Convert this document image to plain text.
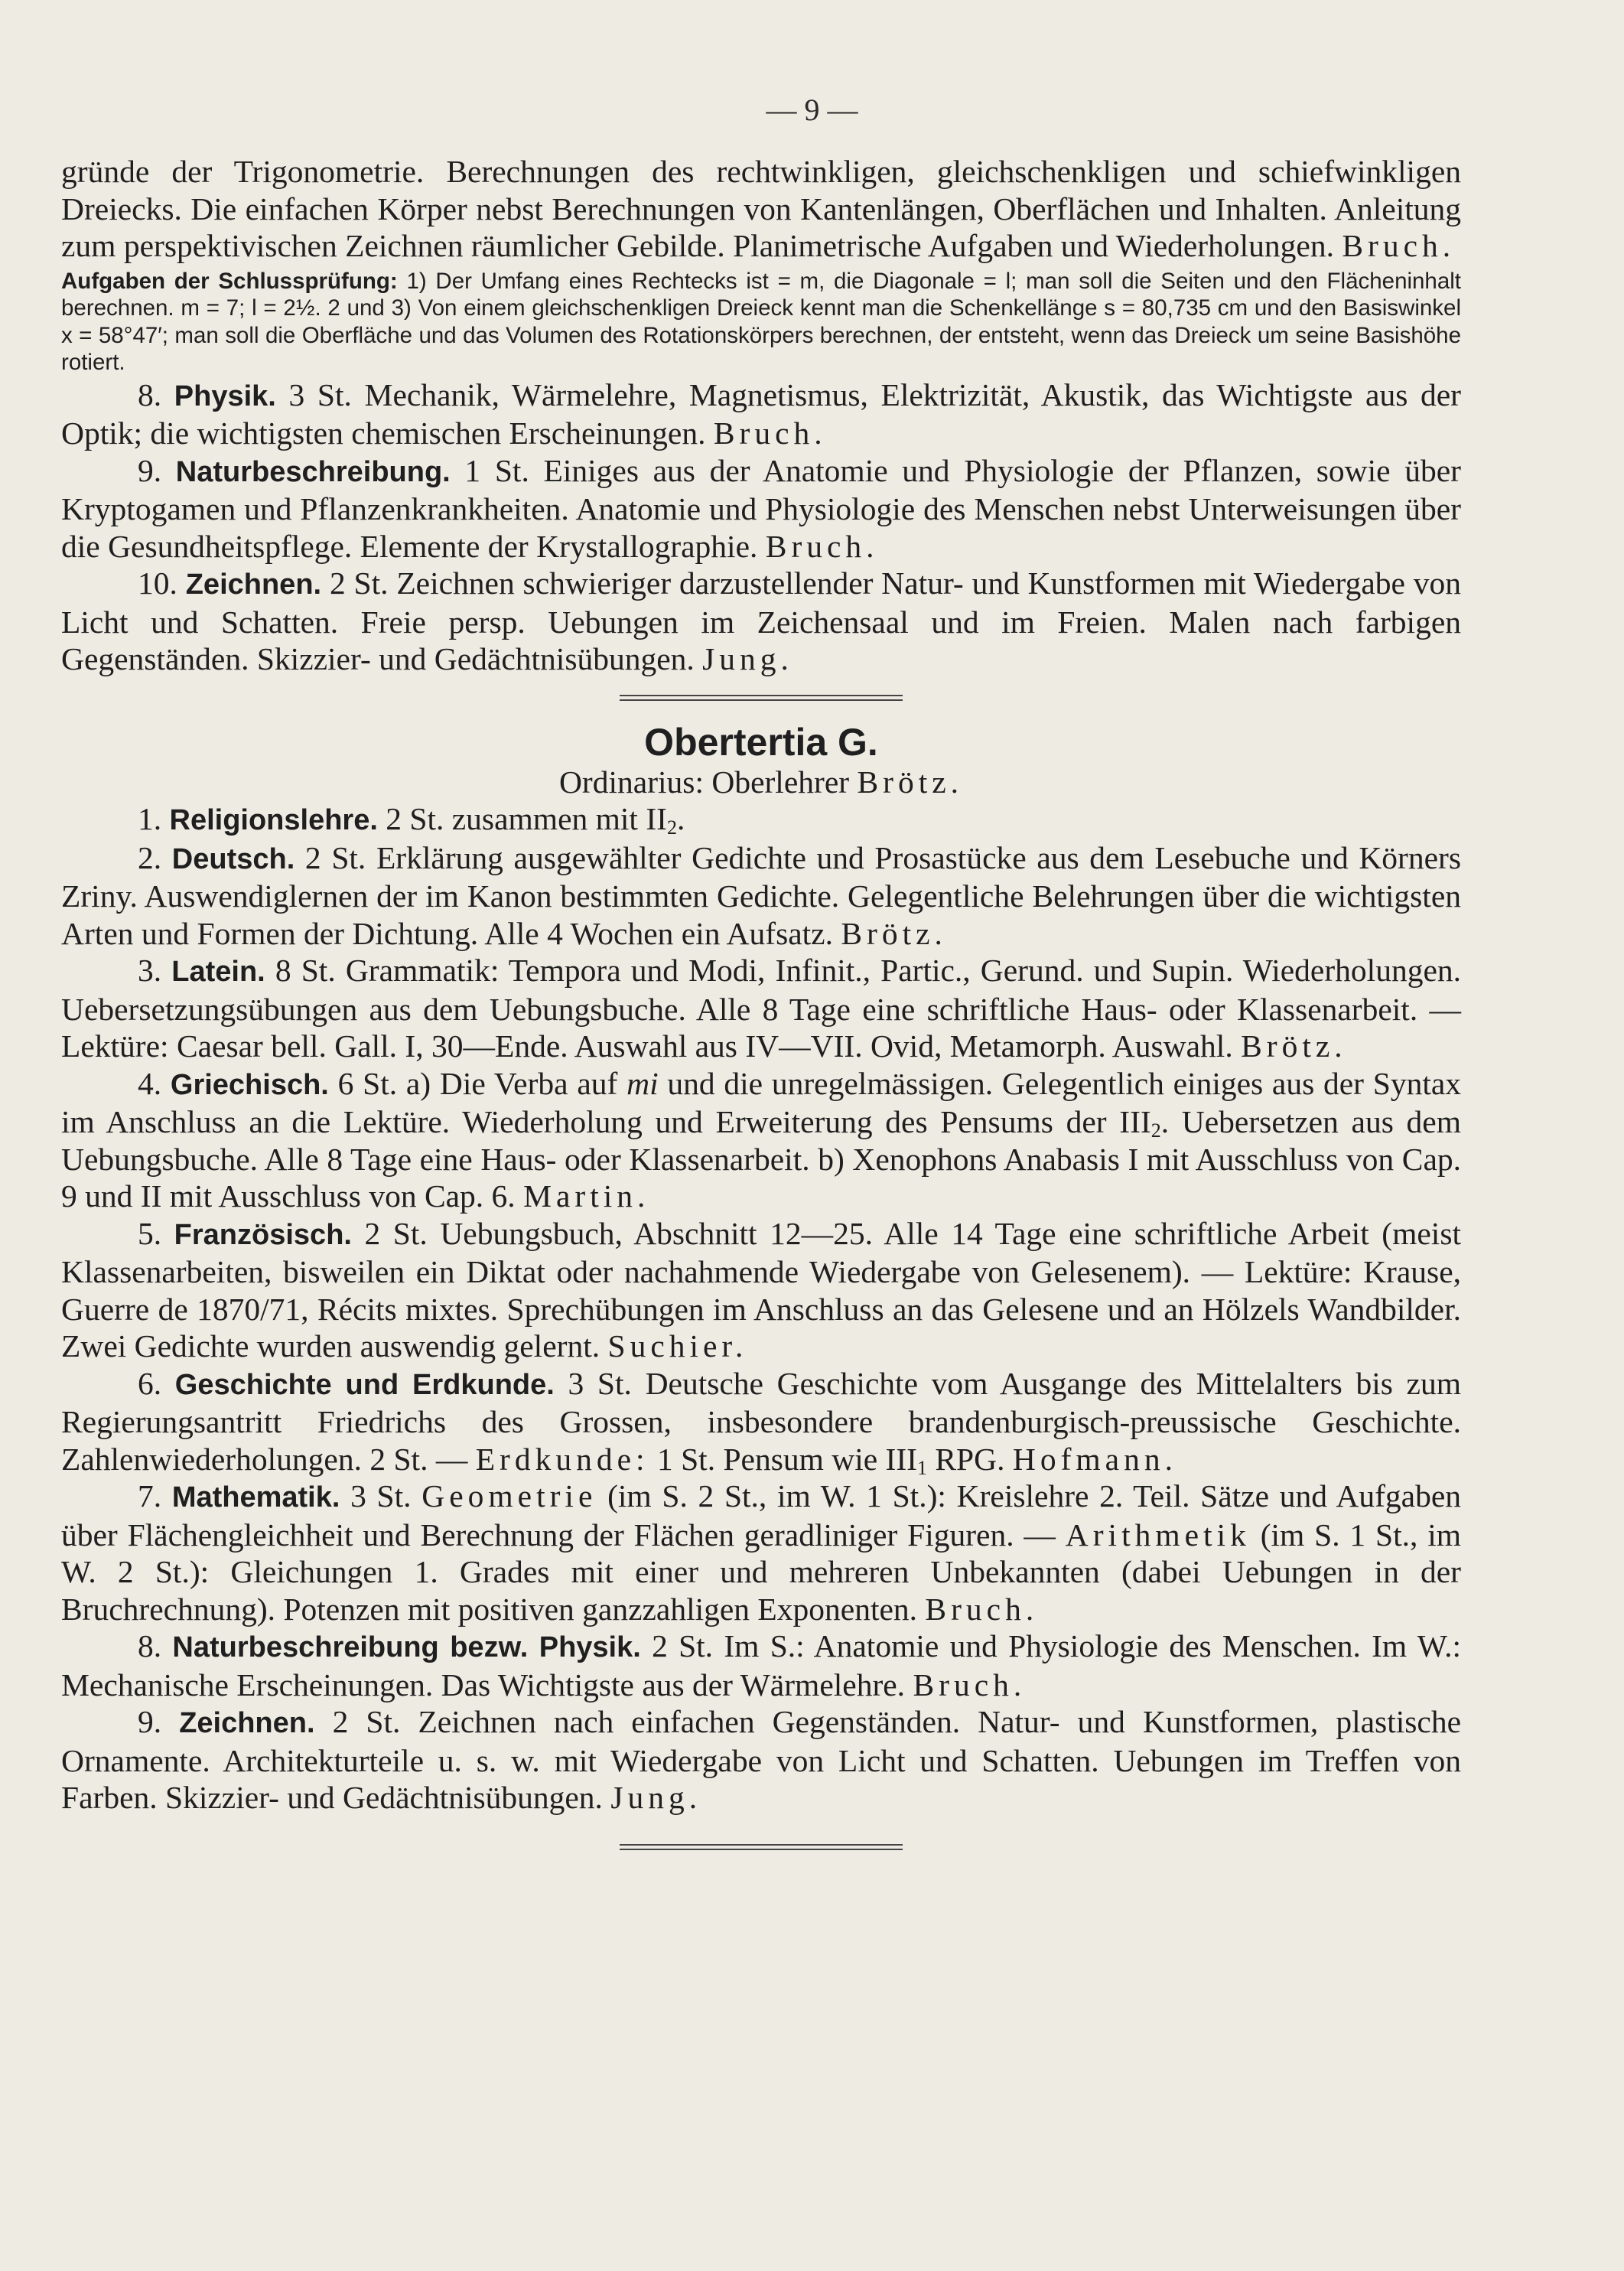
— 9 —

gründe der Trigonometrie. Berechnungen des rechtwinkligen, gleichschenkligen und schiefwinkligen Dreiecks. Die einfachen Körper nebst Berechnungen von Kantenlängen, Oberflächen und Inhalten. Anleitung zum perspektivischen Zeichnen räumlicher Gebilde. Planimetrische Aufgaben und Wiederholungen. Bruch.

Aufgaben der Schlussprüfung: 1) Der Umfang eines Rechtecks ist = m, die Diagonale = l; man soll die Seiten und den Flächeninhalt berechnen. m = 7; l = 2½. 2 und 3) Von einem gleichschenkligen Dreieck kennt man die Schenkellänge s = 80,735 cm und den Basiswinkel x = 58°47′; man soll die Oberfläche und das Volumen des Rotationskörpers berechnen, der entsteht, wenn das Dreieck um seine Basishöhe rotiert.

8. Physik. 3 St. Mechanik, Wärmelehre, Magnetismus, Elektrizität, Akustik, das Wichtigste aus der Optik; die wichtigsten chemischen Erscheinungen. Bruch.

9. Naturbeschreibung. 1 St. Einiges aus der Anatomie und Physiologie der Pflanzen, sowie über Kryptogamen und Pflanzenkrankheiten. Anatomie und Physiologie des Menschen nebst Unterweisungen über die Gesundheitspflege. Elemente der Krystallographie. Bruch.

10. Zeichnen. 2 St. Zeichnen schwieriger darzustellender Natur- und Kunstformen mit Wiedergabe von Licht und Schatten. Freie persp. Uebungen im Zeichensaal und im Freien. Malen nach farbigen Gegenständen. Skizzier- und Gedächtnisübungen. Jung.

Obertertia G.

Ordinarius: Oberlehrer Brötz.

1. Religionslehre. 2 St. zusammen mit $II_2$.

2. Deutsch. 2 St. Erklärung ausgewählter Gedichte und Prosastücke aus dem Lesebuche und Körners Zriny. Auswendiglernen der im Kanon bestimmten Gedichte. Gelegentliche Belehrungen über die wichtigsten Arten und Formen der Dichtung. Alle 4 Wochen ein Aufsatz. Brötz.

3. Latein. 8 St. Grammatik: Tempora und Modi, Infinit., Partic., Gerund. und Supin. Wiederholungen. Uebersetzungsübungen aus dem Uebungsbuche. Alle 8 Tage eine schriftliche Haus- oder Klassenarbeit. — Lektüre: Caesar bell. Gall. I, 30—Ende. Auswahl aus IV—VII. Ovid, Metamorph. Auswahl. Brötz.

4. Griechisch. 6 St. a) Die Verba auf mi und die unregelmässigen. Gelegentlich einiges aus der Syntax im Anschluss an die Lektüre. Wiederholung und Erweiterung des Pensums der $III_2$. Uebersetzen aus dem Uebungsbuche. Alle 8 Tage eine Haus- oder Klassenarbeit. b) Xenophons Anabasis I mit Ausschluss von Cap. 9 und II mit Ausschluss von Cap. 6. Martin.

5. Französisch. 2 St. Uebungsbuch, Abschnitt 12—25. Alle 14 Tage eine schriftliche Arbeit (meist Klassenarbeiten, bisweilen ein Diktat oder nachahmende Wiedergabe von Gelesenem). — Lektüre: Krause, Guerre de 1870/71, Récits mixtes. Sprechübungen im Anschluss an das Gelesene und an Hölzels Wandbilder. Zwei Gedichte wurden auswendig gelernt. Suchier.

6. Geschichte und Erdkunde. 3 St. Deutsche Geschichte vom Ausgange des Mittelalters bis zum Regierungsantritt Friedrichs des Grossen, insbesondere brandenburgisch-preussische Geschichte. Zahlenwiederholungen. 2 St. — Erdkunde: 1 St. Pensum wie $III_1$ RPG. Hofmann.

7. Mathematik. 3 St. Geometrie (im S. 2 St., im W. 1 St.): Kreislehre 2. Teil. Sätze und Aufgaben über Flächengleichheit und Berechnung der Flächen geradliniger Figuren. — Arithmetik (im S. 1 St., im W. 2 St.): Gleichungen 1. Grades mit einer und mehreren Unbekannten (dabei Uebungen in der Bruchrechnung). Potenzen mit positiven ganzzahligen Exponenten. Bruch.

8. Naturbeschreibung bezw. Physik. 2 St. Im S.: Anatomie und Physiologie des Menschen. Im W.: Mechanische Erscheinungen. Das Wichtigste aus der Wärmelehre. Bruch.

9. Zeichnen. 2 St. Zeichnen nach einfachen Gegenständen. Natur- und Kunstformen, plastische Ornamente. Architekturteile u. s. w. mit Wiedergabe von Licht und Schatten. Uebungen im Treffen von Farben. Skizzier- und Gedächtnisübungen. Jung.
